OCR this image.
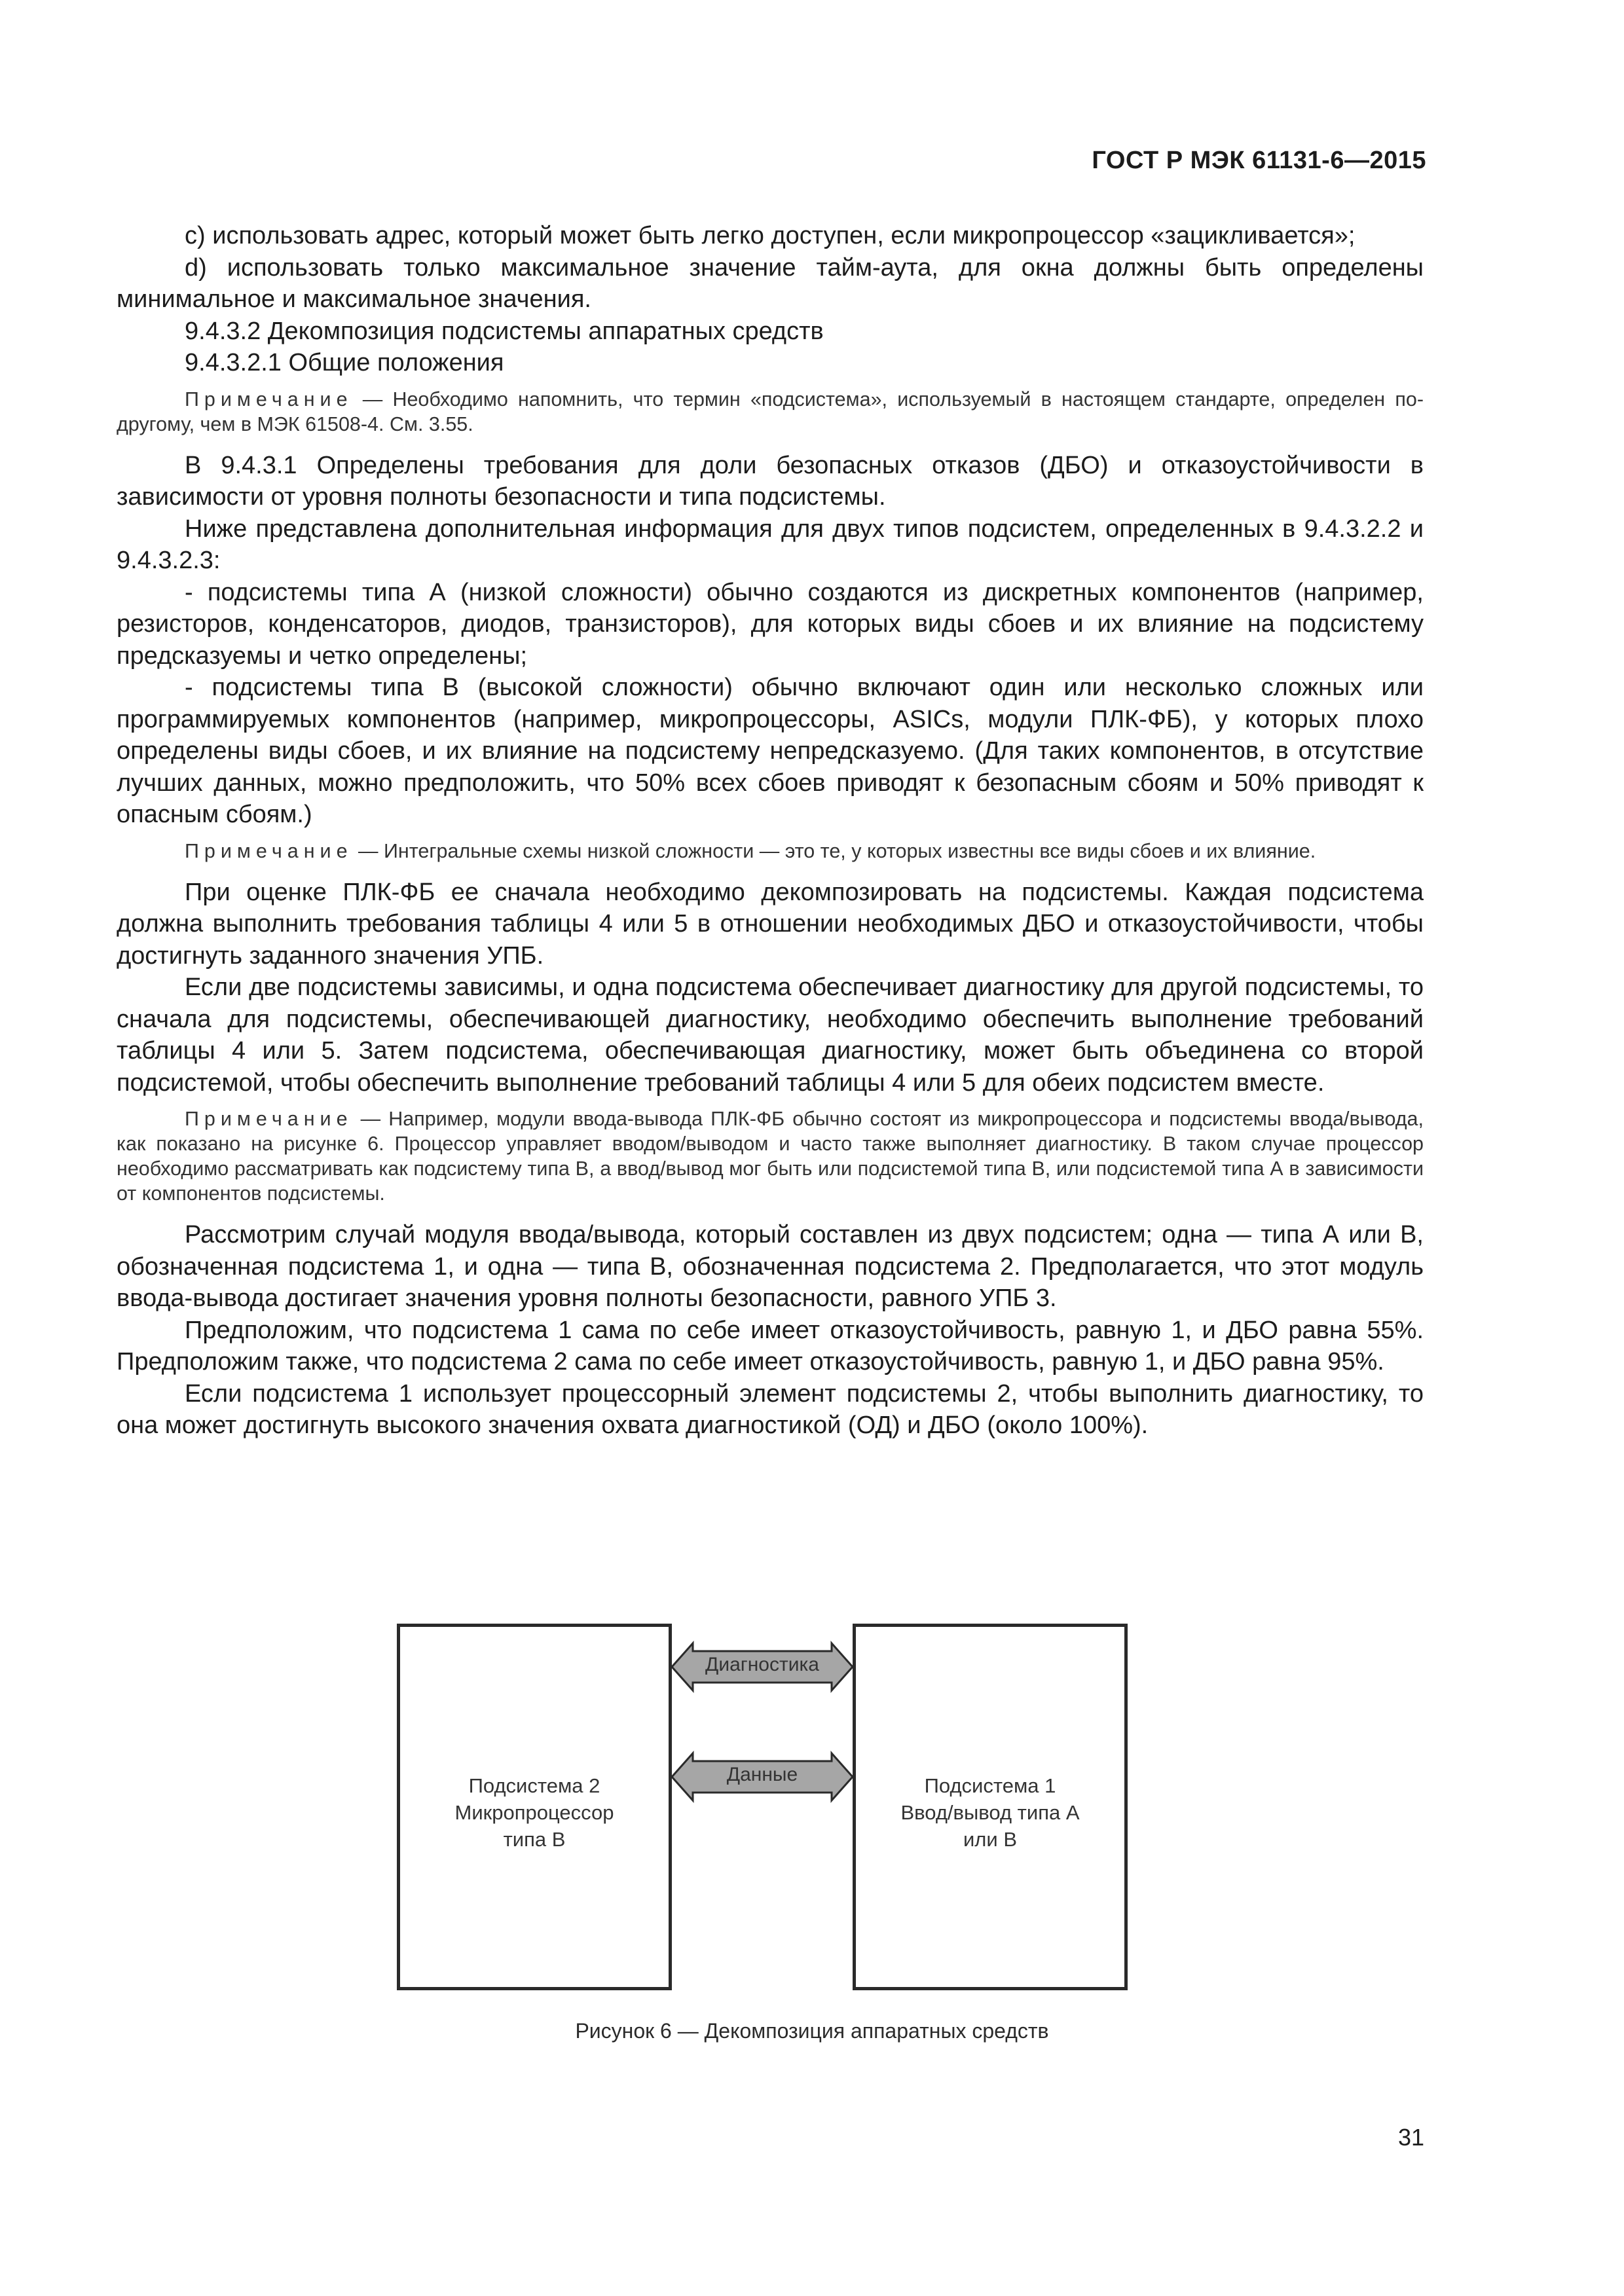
ГОСТ Р МЭК 61131-6—2015

c) использовать адрес, который может быть легко доступен, если микропроцессор «зацикливается»;

d) использовать только максимальное значение тайм-аута, для окна должны быть определены минимальное и максимальное значения.

9.4.3.2 Декомпозиция подсистемы аппаратных средств

9.4.3.2.1 Общие положения

Примечание — Необходимо напомнить, что термин «подсистема», используемый в настоящем стандарте, определен по-другому, чем в МЭК 61508-4. См. 3.55.

В 9.4.3.1 Определены требования для доли безопасных отказов (ДБО) и отказоустойчивости в зависимости от уровня полноты безопасности и типа подсистемы.

Ниже представлена дополнительная информация для двух типов подсистем, определенных в 9.4.3.2.2 и 9.4.3.2.3:

- подсистемы типа А (низкой сложности) обычно создаются из дискретных компонентов (например, резисторов, конденсаторов, диодов, транзисторов), для которых виды сбоев и их влияние на подсистему предсказуемы и четко определены;

- подсистемы типа В (высокой сложности) обычно включают один или несколько сложных или программируемых компонентов (например, микропроцессоры, ASICs, модули ПЛК-ФБ), у которых плохо определены виды сбоев, и их влияние на подсистему непредсказуемо. (Для таких компонентов, в отсутствие лучших данных, можно предположить, что 50% всех сбоев приводят к безопасным сбоям и 50% приводят к опасным сбоям.)

Примечание — Интегральные схемы низкой сложности — это те, у которых известны все виды сбоев и их влияние.

При оценке ПЛК-ФБ ее сначала необходимо декомпозировать на подсистемы. Каждая подсистема должна выполнить требования таблицы 4 или 5 в отношении необходимых ДБО и отказоустойчивости, чтобы достигнуть заданного значения УПБ.

Если две подсистемы зависимы, и одна подсистема обеспечивает диагностику для другой подсистемы, то сначала для подсистемы, обеспечивающей диагностику, необходимо обеспечить выполнение требований таблицы 4 или 5. Затем подсистема, обеспечивающая диагностику, может быть объединена со второй подсистемой, чтобы обеспечить выполнение требований таблицы 4 или 5 для обеих подсистем вместе.

Примечание — Например, модули ввода-вывода ПЛК-ФБ обычно состоят из микропроцессора и подсистемы ввода/вывода, как показано на рисунке 6. Процессор управляет вводом/выводом и часто также выполняет диагностику. В таком случае процессор необходимо рассматривать как подсистему типа В, а ввод/вывод мог быть или подсистемой типа В, или подсистемой типа А в зависимости от компонентов подсистемы.

Рассмотрим случай модуля ввода/вывода, который составлен из двух подсистем; одна — типа А или В, обозначенная подсистема 1, и одна — типа В, обозначенная подсистема 2. Предполагается, что этот модуль ввода-вывода достигает значения уровня полноты безопасности, равного УПБ 3.

Предположим, что подсистема 1 сама по себе имеет отказоустойчивость, равную 1, и ДБО равна 55%. Предположим также, что подсистема 2 сама по себе имеет отказоустойчивость, равную 1, и ДБО равна 95%.

Если подсистема 1 использует процессорный элемент подсистемы 2, чтобы выполнить диагностику, то она может достигнуть высокого значения охвата диагностикой (ОД) и ДБО (около 100%).

Подсистема 2
Микропроцессор
типа В
Диагностика
Данные	Подсистема 1
Ввод/вывод типа А
или В
Рисунок 6 — Декомпозиция аппаратных средств
31
